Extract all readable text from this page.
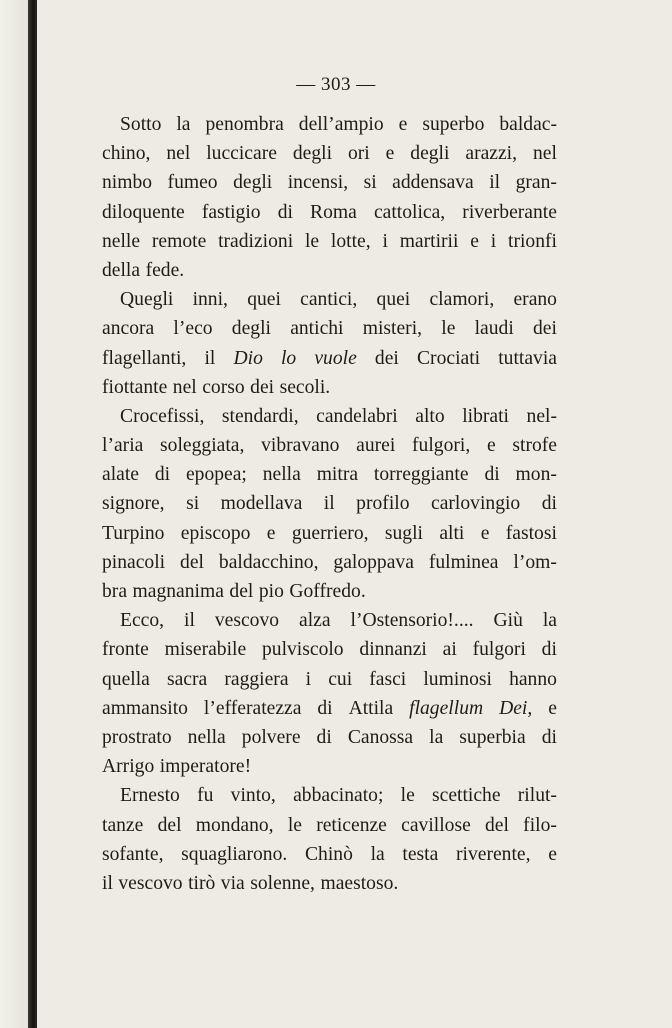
— 303 —
Sotto la penombra dell’ampio e superbo baldac-
chino, nel luccicare degli ori e degli arazzi, nel
nimbo fumeo degli incensi, si addensava il gran-
diloquente fastigio di Roma cattolica, riverberante
nelle remote tradizioni le lotte, i martirii e i trionfi
della fede.
Quegli inni, quei cantici, quei clamori, erano
ancora l’eco degli antichi misteri, le laudi dei
flagellanti, il Dio lo vuole dei Crociati tuttavia
fiottante nel corso dei secoli.
Crocefissi, stendardi, candelabri alto librati nel-
l’aria soleggiata, vibravano aurei fulgori, e strofe
alate di epopea; nella mitra torreggiante di mon-
signore, si modellava il profilo carlovingio di
Turpino episcopo e guerriero, sugli alti e fastosi
pinacoli del baldacchino, galoppava fulminea l’om-
bra magnanima del pio Goffredo.
Ecco, il vescovo alza l’Ostensorio!.... Giù la
fronte miserabile pulviscolo dinnanzi ai fulgori di
quella sacra raggiera i cui fasci luminosi hanno
ammansito l’efferatezza di Attila flagellum Dei, e
prostrato nella polvere di Canossa la superbia di
Arrigo imperatore!
Ernesto fu vinto, abbacinato; le scettiche rilut-
tanze del mondano, le reticenze cavillose del filo-
sofante, squagliarono. Chinò la testa riverente, e
il vescovo tirò via solenne, maestoso.
